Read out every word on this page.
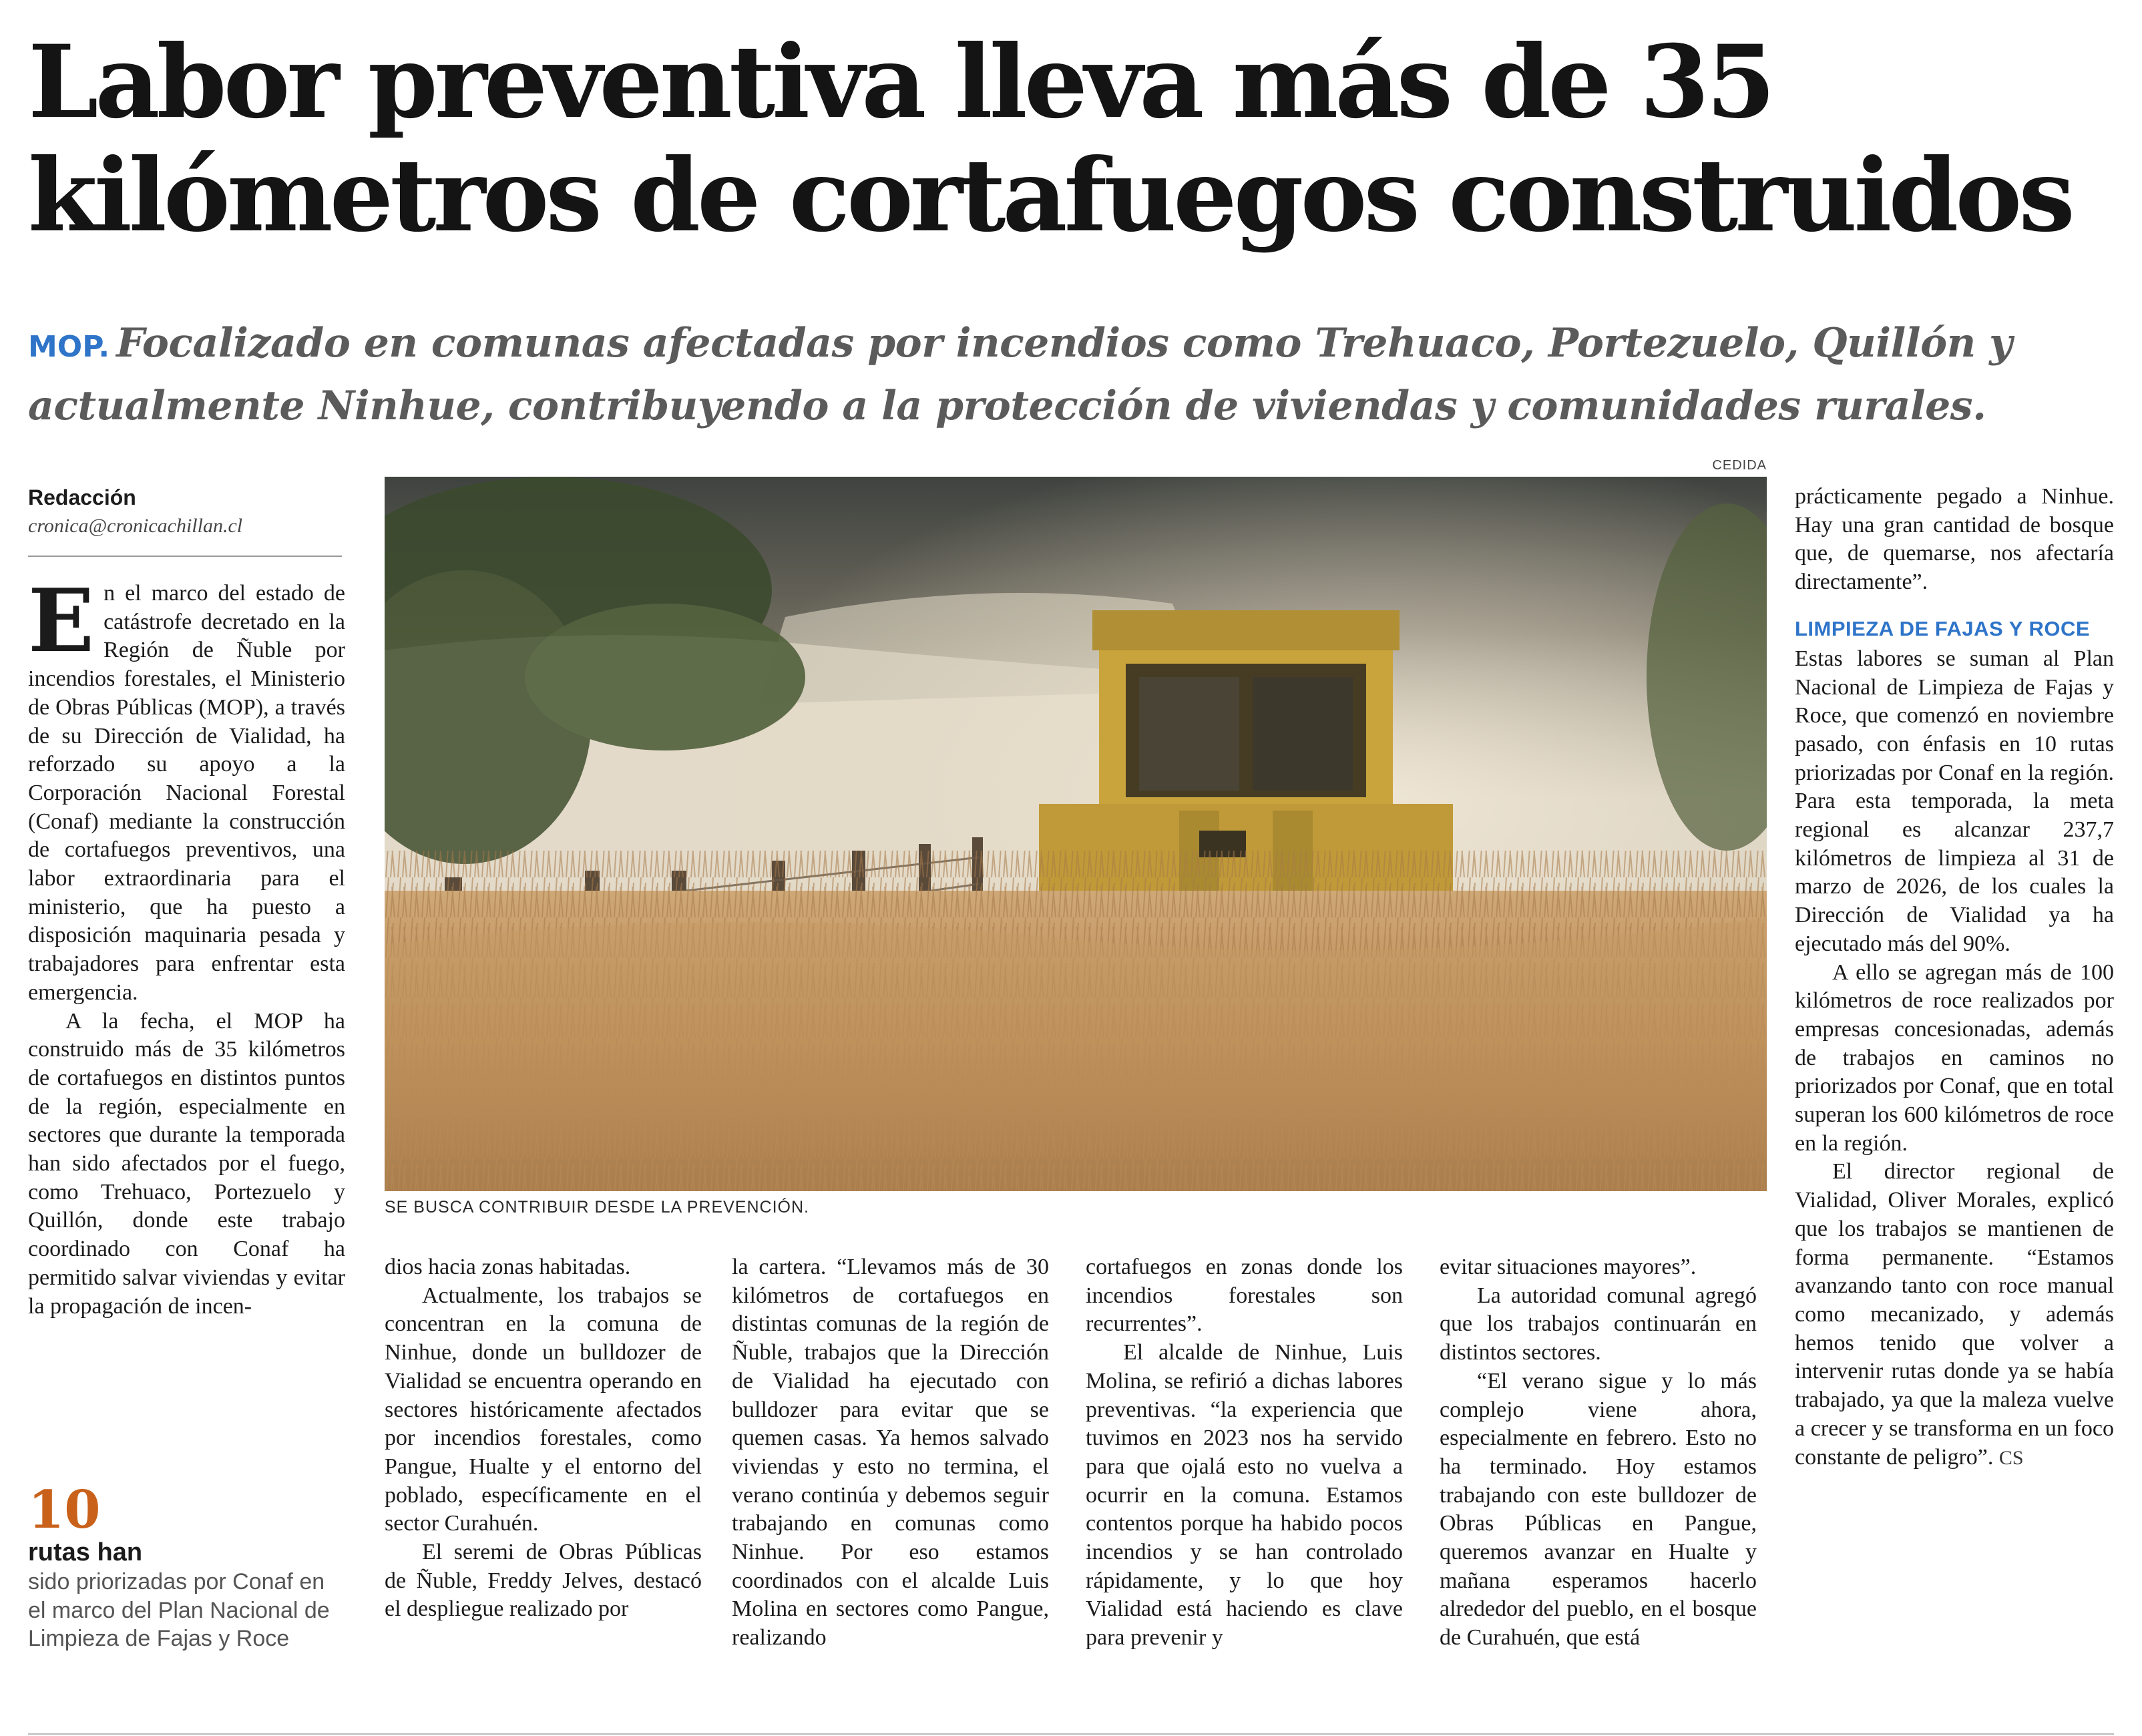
Labor preventiva lleva más de 35
kilómetros de cortafuegos construidos
MOP. Focalizado en comunas afectadas por incendios como Trehuaco, Portezuelo, Quillón y actualmente Ninhue, contribuyendo a la protección de viviendas y comunidades rurales.
Redacción
cronica@cronicachillan.cl

En el marco del estado de catástrofe decretado en la Región de Ñuble por incendios forestales, el Ministerio de Obras Públicas (MOP), a través de su Dirección de Vialidad, ha reforzado su apoyo a la Corporación Nacional Forestal (Conaf) mediante la construcción de cortafuegos preventivos, una labor extraordinaria para el ministerio, que ha puesto a disposición maquinaria pesada y trabajadores para enfrentar esta emergencia.

A la fecha, el MOP ha construido más de 35 kilómetros de cortafuegos en distintos puntos de la región, especialmente en sectores que durante la temporada han sido afectados por el fuego, como Trehuaco, Portezuelo y Quillón, donde este trabajo coordinado con Conaf ha permitido salvar viviendas y evitar la propagación de incen-

10
rutas han
sido priorizadas por Conaf en el marco del Plan Nacional de Limpieza de Fajas y Roce
CEDIDA
SE BUSCA CONTRIBUIR DESDE LA PREVENCIÓN.

dios hacia zonas habitadas.

Actualmente, los trabajos se concentran en la comuna de Ninhue, donde un bulldozer de Vialidad se encuentra operando en sectores históricamente afectados por incendios forestales, como Pangue, Hualte y el entorno del poblado, específicamente en el sector Curahuén.

El seremi de Obras Públicas de Ñuble, Freddy Jelves, destacó el despliegue realizado por

la cartera. “Llevamos más de 30 kilómetros de cortafuegos en distintas comunas de la región de Ñuble, trabajos que la Dirección de Vialidad ha ejecutado con bulldozer para evitar que se quemen casas. Ya hemos salvado viviendas y esto no termina, el verano continúa y debemos seguir trabajando en comunas como Ninhue. Por eso estamos coordinados con el alcalde Luis Molina en sectores como Pangue, realizando

cortafuegos en zonas donde los incendios forestales son recurrentes”.

El alcalde de Ninhue, Luis Molina, se refirió a dichas labores preventivas. “la experiencia que tuvimos en 2023 nos ha servido para que ojalá esto no vuelva a ocurrir en la comuna. Estamos contentos porque ha habido pocos incendios y se han controlado rápidamente, y lo que hoy Vialidad está haciendo es clave para prevenir y

evitar situaciones mayores”.

La autoridad comunal agregó que los trabajos continuarán en distintos sectores.

“El verano sigue y lo más complejo viene ahora, especialmente en febrero. Esto no ha terminado. Hoy estamos trabajando con este bulldozer de Obras Públicas en Pangue, queremos avanzar en Hualte y mañana esperamos hacerlo alrededor del pueblo, en el bosque de Curahuén, que está

prácticamente pegado a Ninhue. Hay una gran cantidad de bosque que, de quemarse, nos afectaría directamente”.

LIMPIEZA DE FAJAS Y ROCE

Estas labores se suman al Plan Nacional de Limpieza de Fajas y Roce, que comenzó en noviembre pasado, con énfasis en 10 rutas priorizadas por Conaf en la región. Para esta temporada, la meta regional es alcanzar 237,7 kilómetros de limpieza al 31 de marzo de 2026, de los cuales la Dirección de Vialidad ya ha ejecutado más del 90%.

A ello se agregan más de 100 kilómetros de roce realizados por empresas concesionadas, además de trabajos en caminos no priorizados por Conaf, que en total superan los 600 kilómetros de roce en la región.

El director regional de Vialidad, Oliver Morales, explicó que los trabajos se mantienen de forma permanente. “Estamos avanzando tanto con roce manual como mecanizado, y además hemos tenido que volver a intervenir rutas donde ya se había trabajado, ya que la maleza vuelve a crecer y se transforma en un foco constante de peligro”. CS
